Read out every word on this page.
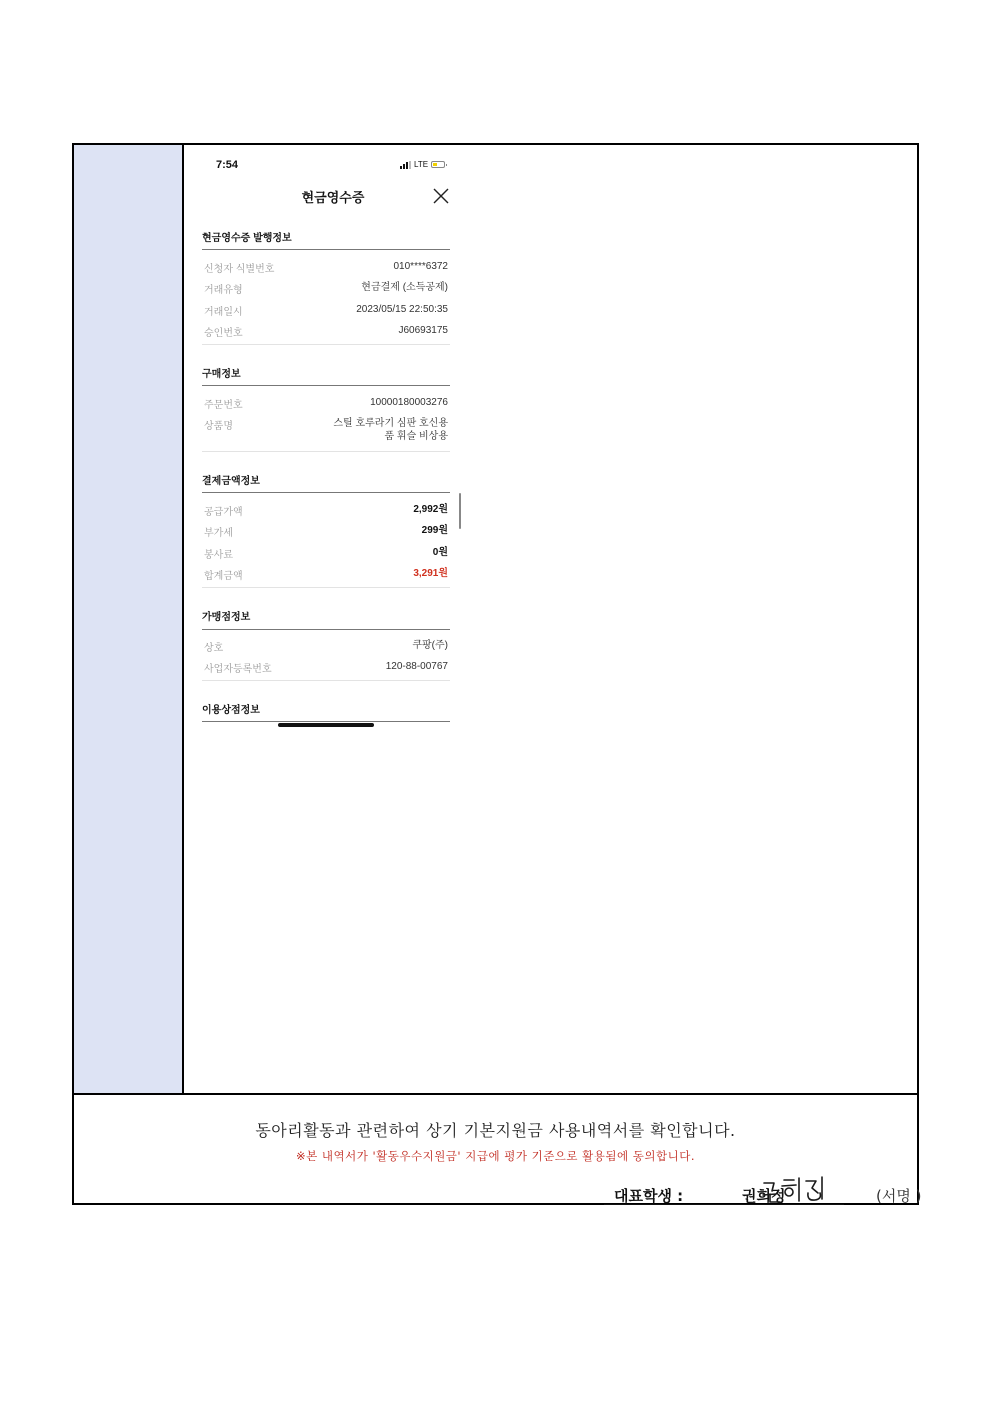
7:54	LTE
현금영수증
현금영수증 발행정보
신청자 식별번호	010****6372
거래유형	현금결제 (소득공제)
거래일시	2023/05/15 22:50:35
승인번호	J60693175
구매정보
주문번호	10000180003276
상품명	스틸 호루라기 심판 호신용
품 휘슬 비상용
결제금액정보
공급가액	2,992원
부가세	299원
봉사료	0원
합계금액	3,291원
가맹점정보
상호	쿠팡(주)
사업자등록번호	120-88-00767
이용상점정보
동아리활동과 관련하여 상기 기본지원금 사용내역서를 확인합니다.
※본 내역서가 '활동우수지원금' 지급에 평가 기준으로 활용됨에 동의합니다.
대표학생 :	권희정	(서명 )
